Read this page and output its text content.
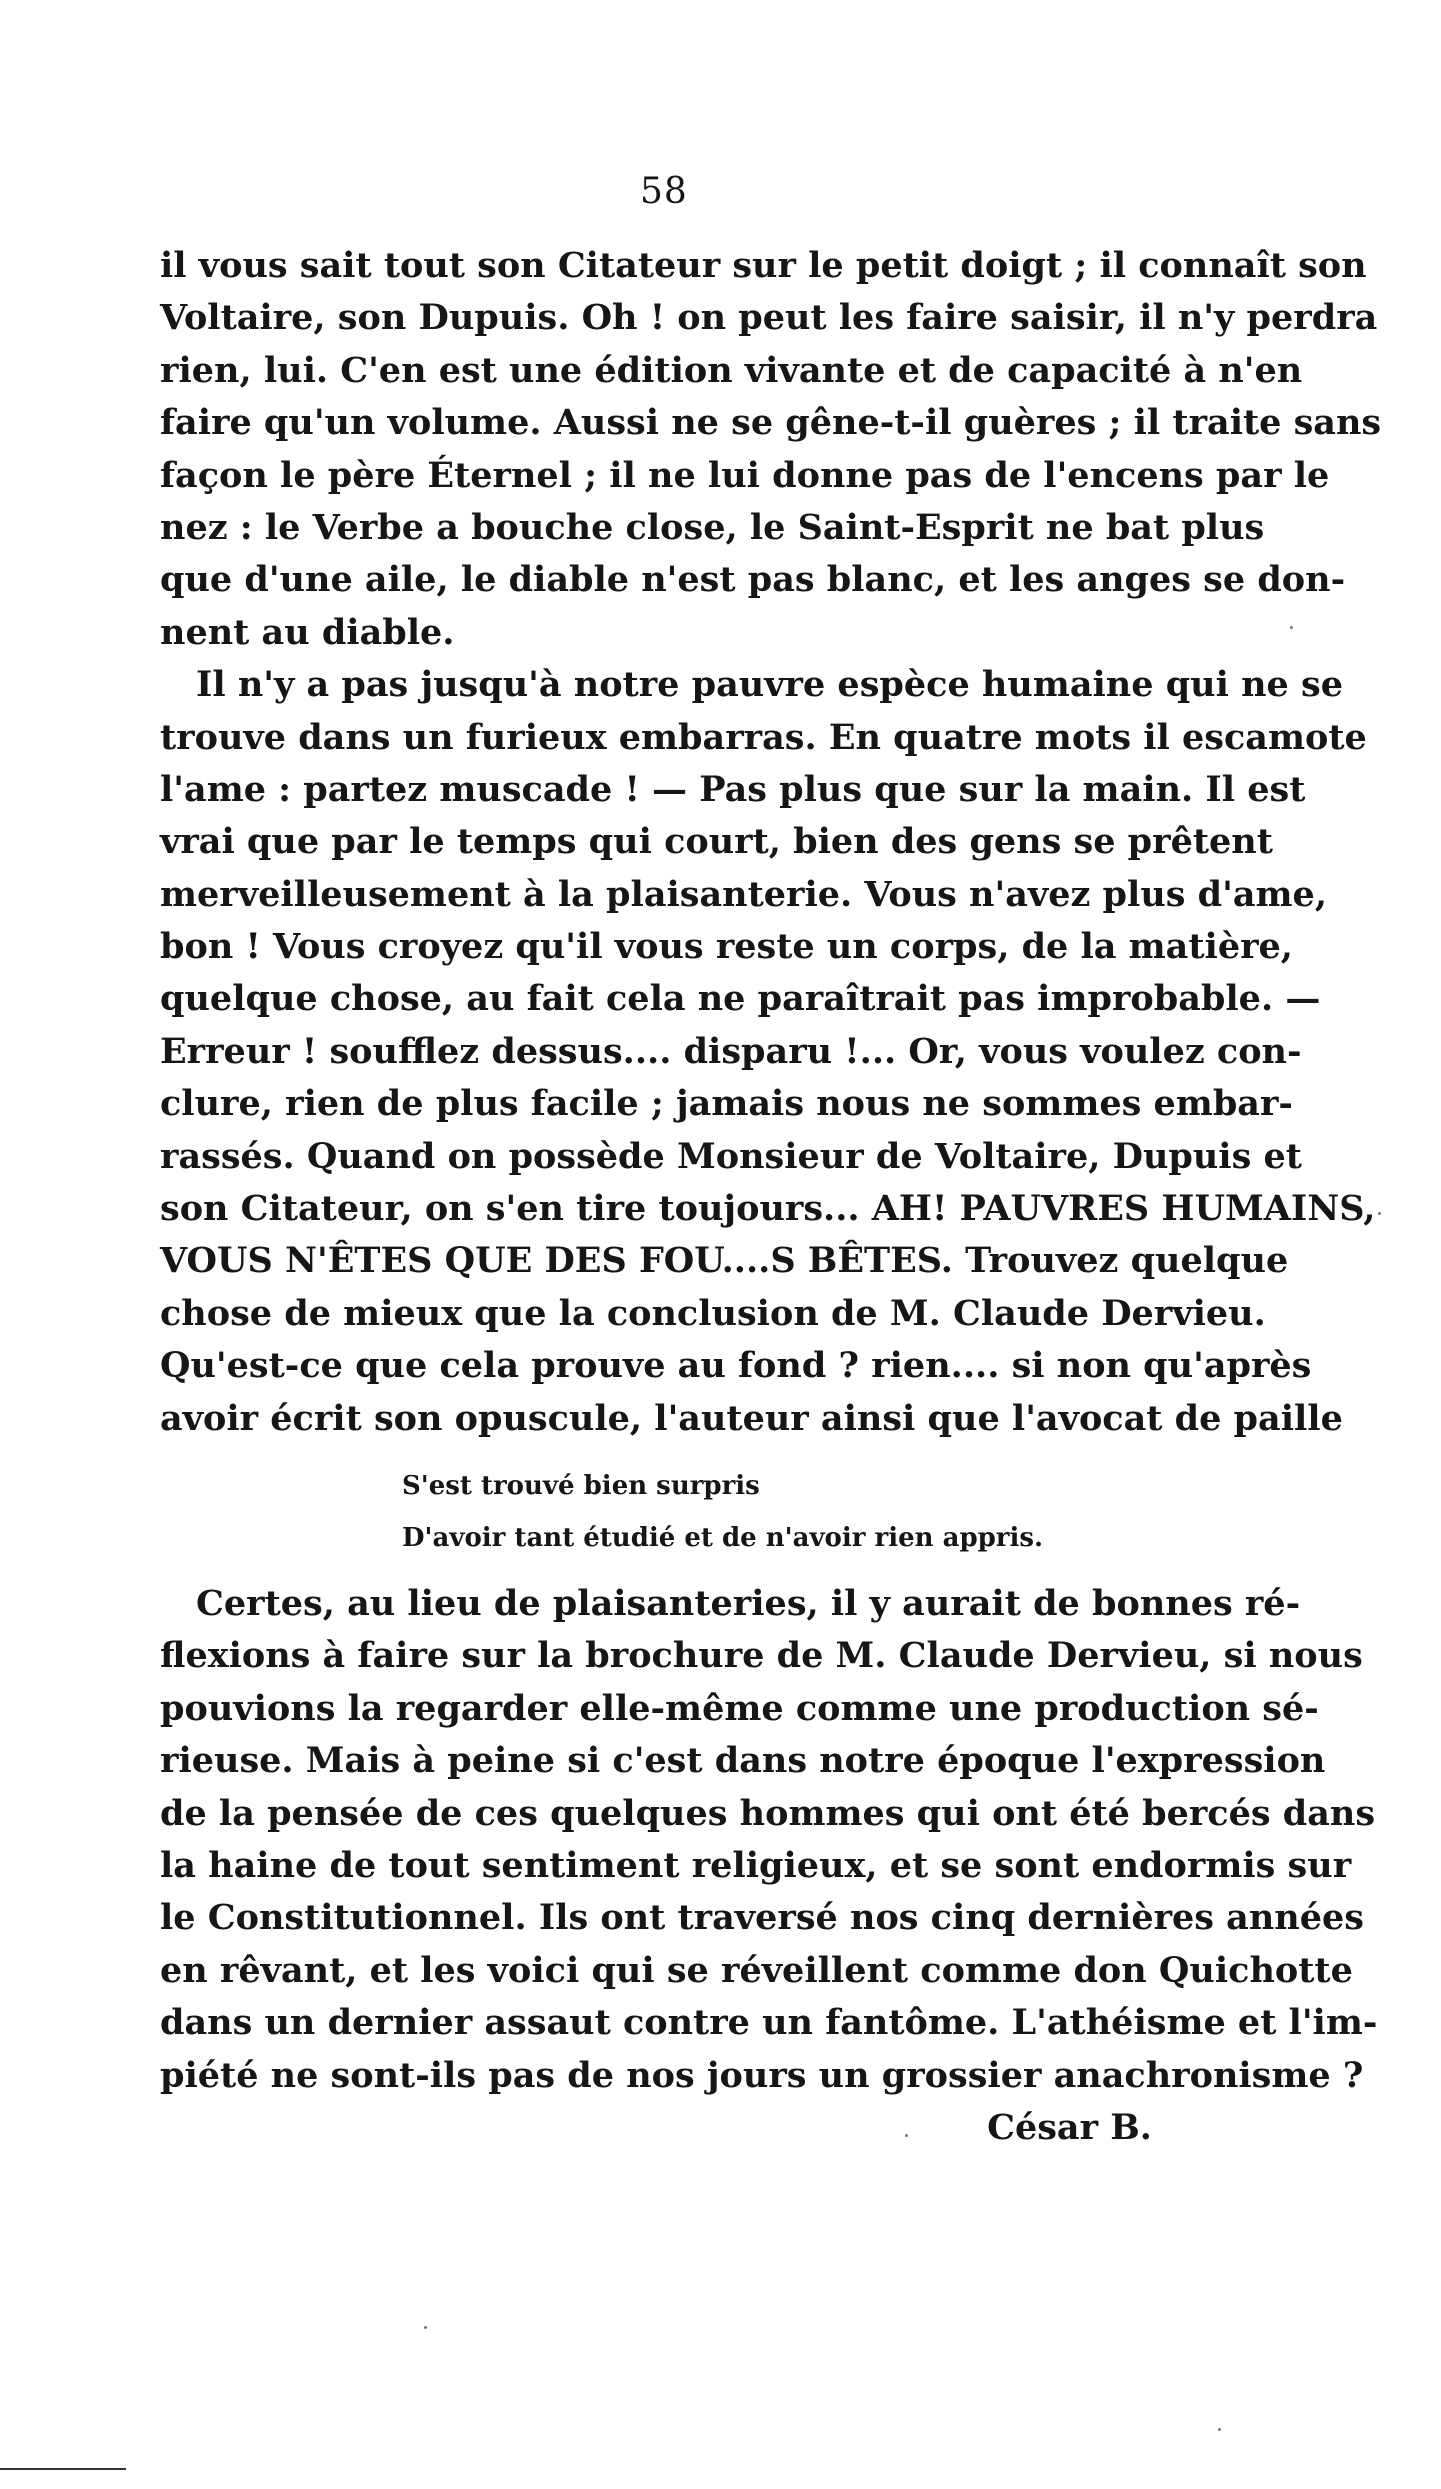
58
il vous sait tout son Citateur sur le petit doigt ; il connaît son
Voltaire, son Dupuis. Oh ! on peut les faire saisir, il n'y perdra
rien, lui. C'en est une édition vivante et de capacité à n'en
faire qu'un volume. Aussi ne se gêne-t-il guères ; il traite sans
façon le père Éternel ; il ne lui donne pas de l'encens par le
nez : le Verbe a bouche close, le Saint-Esprit ne bat plus
que d'une aile, le diable n'est pas blanc, et les anges se don-
nent au diable.
Il n'y a pas jusqu'à notre pauvre espèce humaine qui ne se
trouve dans un furieux embarras. En quatre mots il escamote
l'ame : partez muscade ! — Pas plus que sur la main. Il est
vrai que par le temps qui court, bien des gens se prêtent
merveilleusement à la plaisanterie. Vous n'avez plus d'ame,
bon ! Vous croyez qu'il vous reste un corps, de la matière,
quelque chose, au fait cela ne paraîtrait pas improbable. —
Erreur ! soufflez dessus.... disparu !... Or, vous voulez con-
clure, rien de plus facile ; jamais nous ne sommes embar-
rassés. Quand on possède Monsieur de Voltaire, Dupuis et
son Citateur, on s'en tire toujours... AH! PAUVRES HUMAINS,
VOUS N'ÊTES QUE DES FOU....S BÊTES. Trouvez quelque
chose de mieux que la conclusion de M. Claude Dervieu.
Qu'est-ce que cela prouve au fond ? rien.... si non qu'après
avoir écrit son opuscule, l'auteur ainsi que l'avocat de paille
S'est trouvé bien surpris
D'avoir tant étudié et de n'avoir rien appris.
Certes, au lieu de plaisanteries, il y aurait de bonnes ré-
flexions à faire sur la brochure de M. Claude Dervieu, si nous
pouvions la regarder elle-même comme une production sé-
rieuse. Mais à peine si c'est dans notre époque l'expression
de la pensée de ces quelques hommes qui ont été bercés dans
la haine de tout sentiment religieux, et se sont endormis sur
le Constitutionnel. Ils ont traversé nos cinq dernières années
en rêvant, et les voici qui se réveillent comme don Quichotte
dans un dernier assaut contre un fantôme. L'athéisme et l'im-
piété ne sont-ils pas de nos jours un grossier anachronisme ?
César B.
